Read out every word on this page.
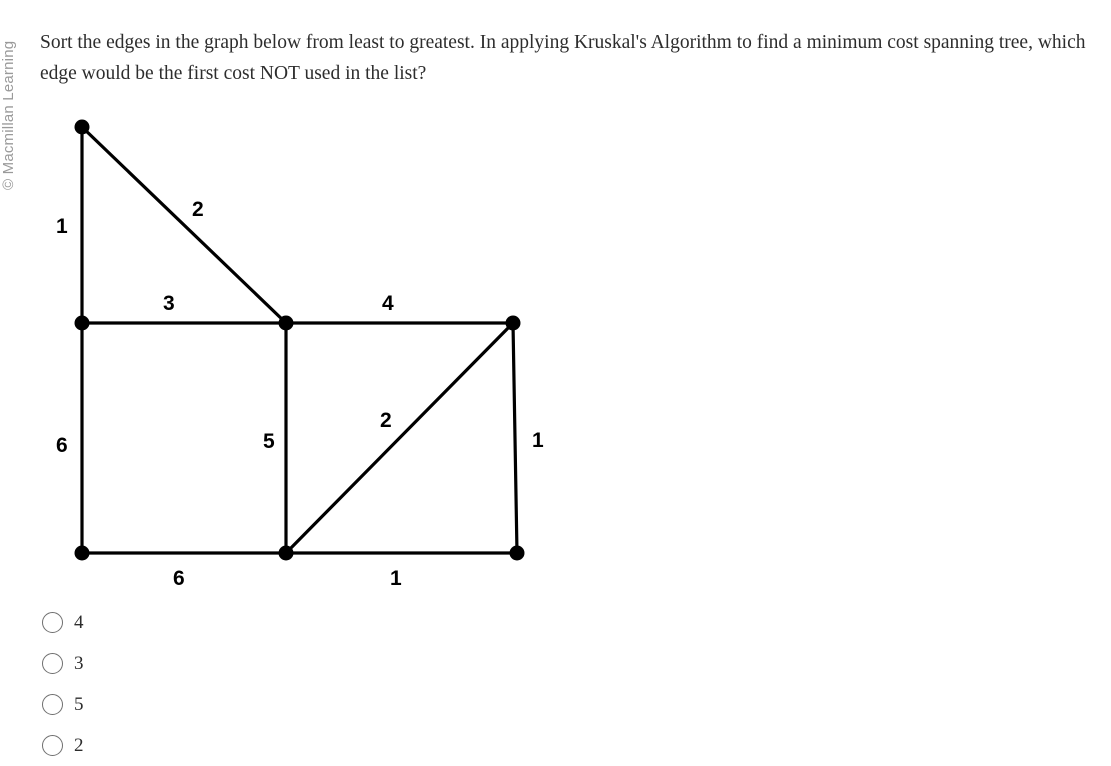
© Macmillan Learning Sort the edges in the graph below from least to greatest. In applying Kruskal's Algorithm to find a minimum cost spanning tree, which edge would be the first cost NOT used in the list?
1
2
3	4
6	5
2
1
6	1
4
3
5
2
